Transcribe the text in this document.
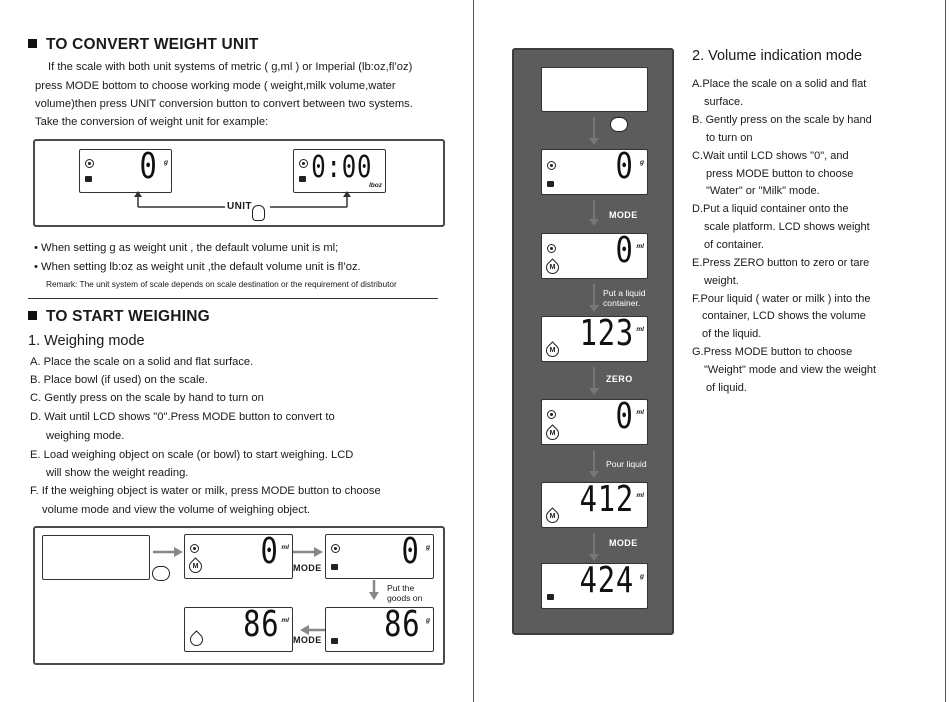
TO CONVERT WEIGHT UNIT
If the scale with both unit systems of metric ( g,ml ) or Imperial (lb:oz,fl’oz)
press MODE bottom to choose working mode ( weight,milk volume,water
volume)then press UNIT conversion button to convert between two systems.
Take the conversion of weight unit for example:
0 g	0:00
lboz
UNIT
• When setting g as weight unit , the default volume unit is ml;
• When setting lb:oz as weight unit ,the default volume unit is fl’oz.
Remark: The unit system of scale depends on scale destination or the requirement of distributor
TO START WEIGHING
1. Weighing mode
A. Place the scale on a solid and flat surface.
B. Place bowl (if used) on the scale.
C. Gently press on the scale by hand to turn on
D. Wait until LCD shows "0".Press MODE button to convert to
weighing mode.
E. Load weighing object on scale (or bowl) to start weighing. LCD
will show the weight reading.
F. If the weighing object is water or milk, press MODE button to choose
volume mode and view the volume of weighing object.
M 0 ml	0 g
MODE
Put the
goods on
86 ml	86 g
MODE
0 g
MODE
M 0 ml
Put a liquid
container.
M 123 ml
ZERO
M 0 ml
Pour liquid
M 412 ml
MODE
424 g
2. Volume indication mode
A.Place the scale on a solid and flat
surface.
B. Gently press on the scale by hand
to turn on
C.Wait until LCD shows "0", and
press MODE button to choose
"Water" or "Milk" mode.
D.Put a liquid container onto the
scale platform. LCD shows weight
of container.
E.Press ZERO button to zero or tare
weight.
F.Pour liquid ( water or milk ) into the
container, LCD shows the volume
of the liquid.
G.Press MODE button to choose
"Weight" mode and view the weight
of liquid.
